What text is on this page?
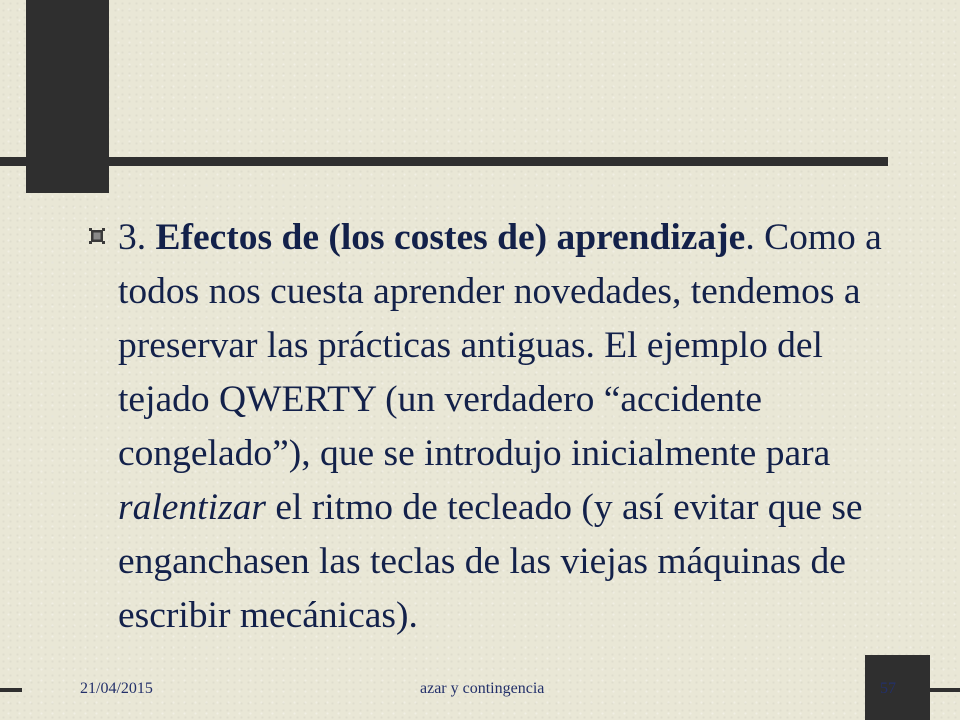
3. Efectos de (los costes de) aprendizaje. Como a todos nos cuesta aprender novedades, tendemos a preservar las prácticas antiguas. El ejemplo del tejado QWERTY (un verdadero “accidente congelado”), que se introdujo inicialmente para ralentizar el ritmo de tecleado (y así evitar que se enganchasen las teclas de las viejas máquinas de escribir mecánicas).

21/04/2015	azar y contingencia	57
